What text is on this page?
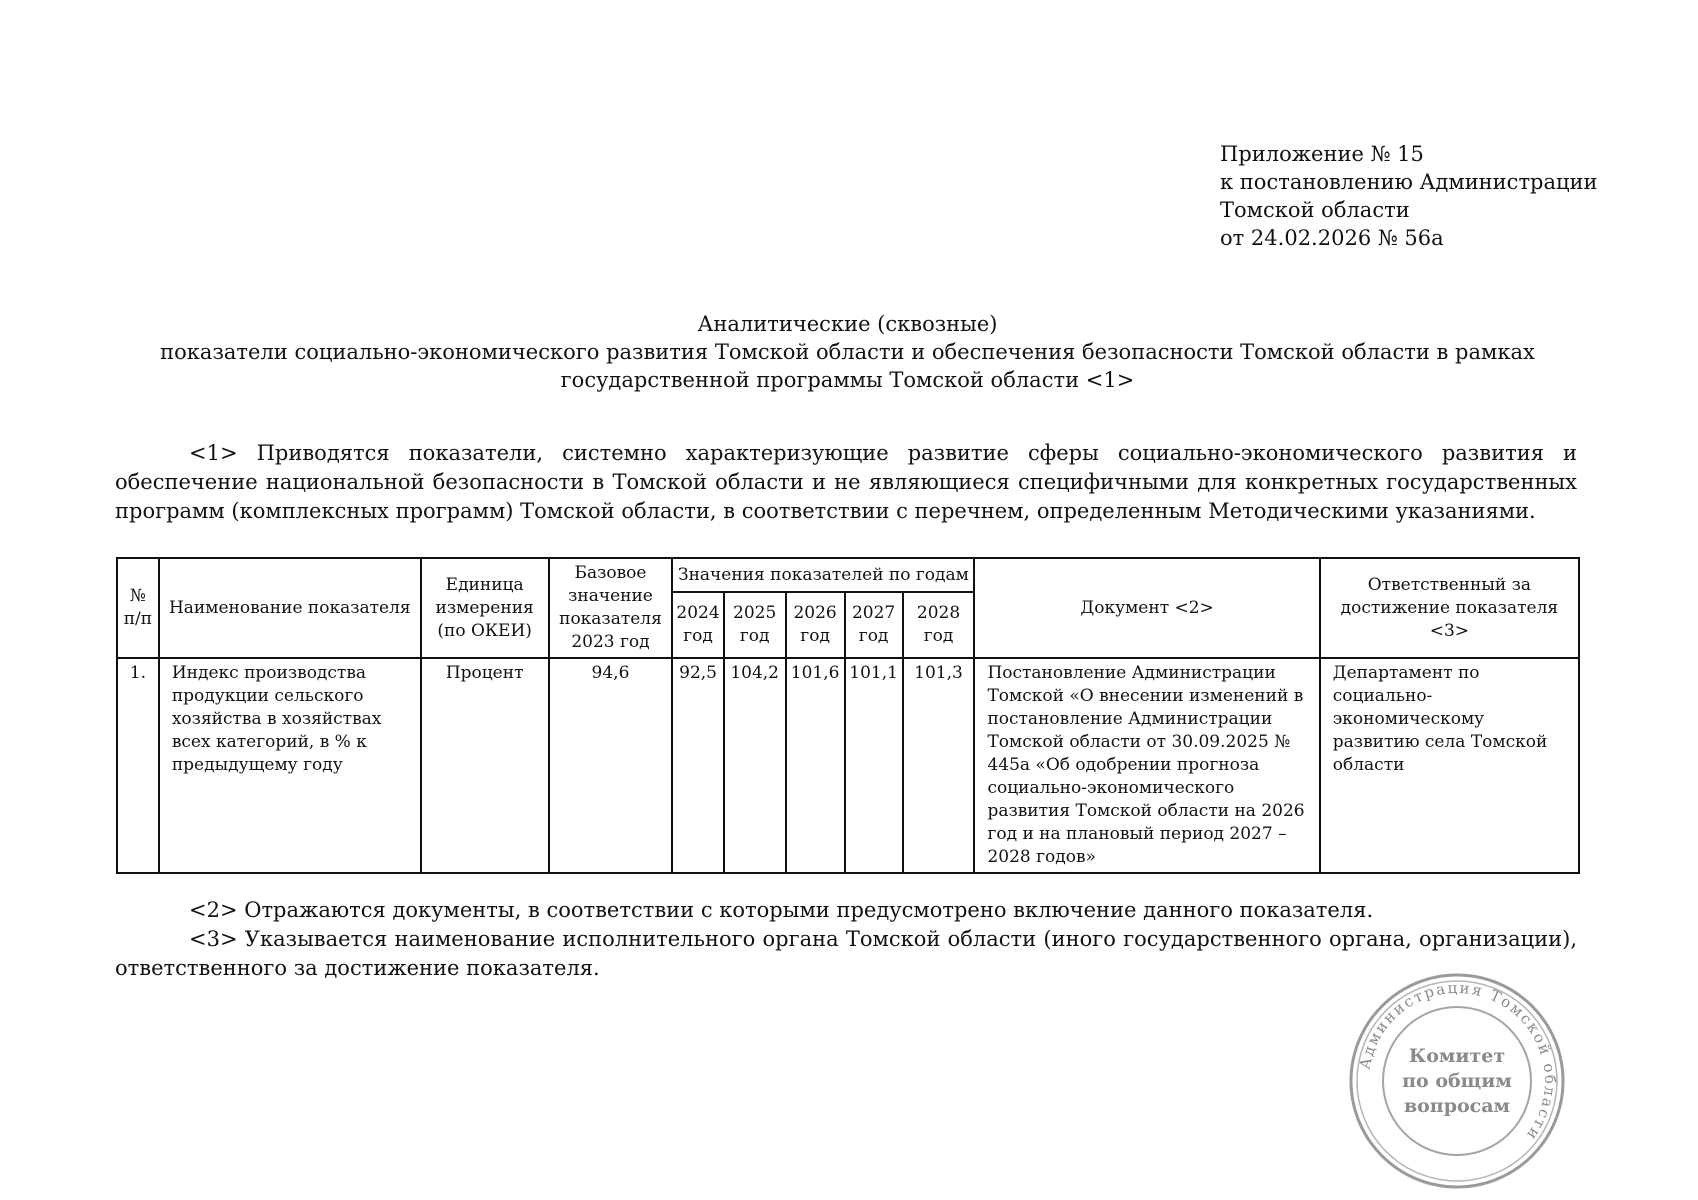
Приложение № 15
к постановлению Администрации
Томской области
от 24.02.2026 № 56а
Аналитические (сквозные)
показатели социально-экономического развития Томской области и обеспечения безопасности Томской области в рамках
государственной программы Томской области <1>

<1> Приводятся показатели, системно характеризующие развитие сферы социально-экономического развития и обеспечение национальной безопасности в Томской области и не являющиеся специфичными для конкретных государственных программ (комплексных программ) Томской области, в соответствии с перечнем, определенным Методическими указаниями.

№ п/п	Наименование показателя	Единица измерения (по ОКЕИ)	Базовое значение показателя 2023 год	Значения показателей по годам					Документ <2>	Ответственный за достижение показателя <3>
				2024 год	2025 год	2026 год	2027 год	2028 год		
1.	Индекс производства продукции сельского хозяйства в хозяйствах всех категорий, в % к предыдущему году	Процент	94,6	92,5	104,2	101,6	101,1	101,3	Постановление Администрации Томской «О внесении изменений в постановление Администрации Томской области от 30.09.2025 № 445а «Об одобрении прогноза социально-экономического развития Томской области на 2026 год и на плановый период 2027 – 2028 годов»	Департамент по социально-экономическому развитию села Томской области

<2> Отражаются документы, в соответствии с которыми предусмотрено включение данного показателя.

<3> Указывается наименование исполнительного органа Томской области (иного государственного органа, организации), ответственного за достижение показателя.

Администрация Томской области
Комитет
по общим
вопросам
